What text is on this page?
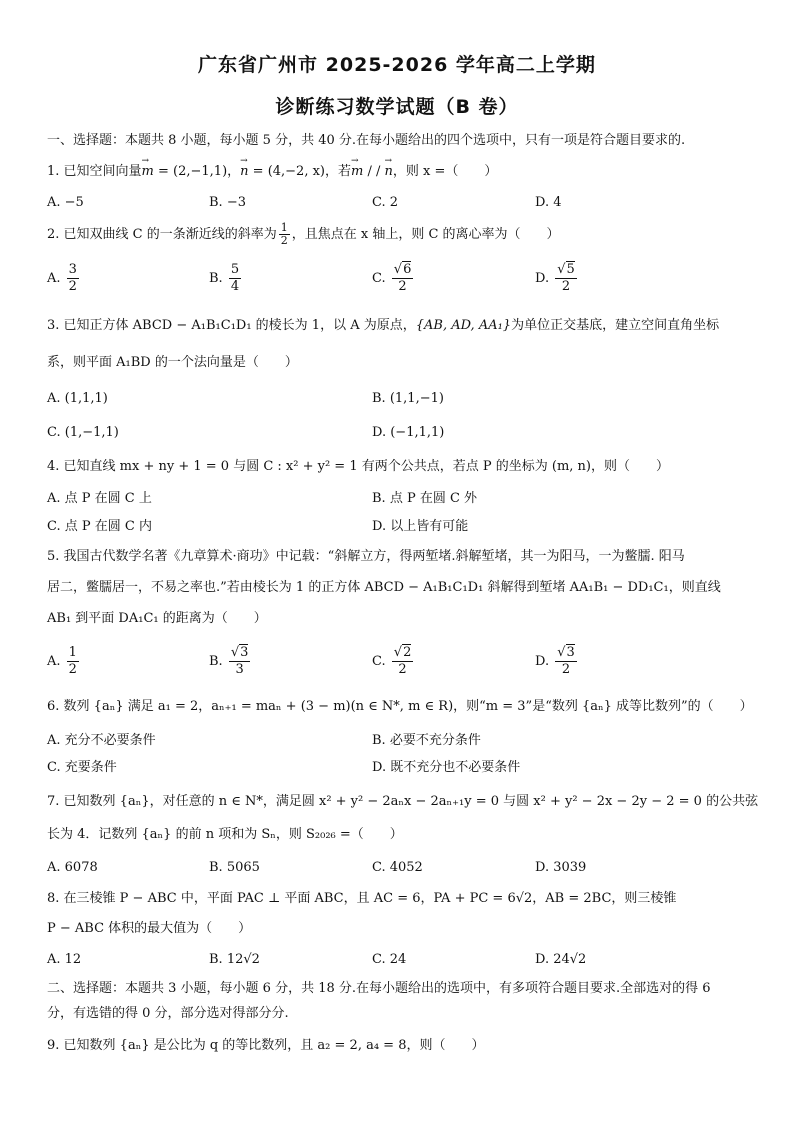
广东省广州市 2025-2026 学年高二上学期
诊断练习数学试题（B 卷）
一、选择题：本题共 8 小题，每小题 5 分，共 40 分.在每小题给出的四个选项中，只有一项是符合题目要求的.
1. 已知空间向量→ m = (2,−1,1)，→ n = (4,−2, x)，若→ m / / → n，则 x =（　　）
A. −5	B. −3	C. 2	D. 4
2. 已知双曲线 C 的一条渐近线的斜率为 $\frac{1}{2}$ ，且焦点在 x 轴上，则 C 的离心率为（　　）
A. $\frac{3}{2}$	B. $\frac{5}{4}$	C. $\frac{√6}{2}$	D. $\frac{√5}{2}$
3. 已知正方体 ABCD − A₁B₁C₁D₁ 的棱长为 1，以 A 为原点，{AB, AD, AA₁}为单位正交基底，建立空间直角坐标
系，则平面 A₁BD 的一个法向量是（　　）
A. (1,1,1)	B. (1,1,−1)
C. (1,−1,1)	D. (−1,1,1)
4. 已知直线 mx + ny + 1 = 0 与圆 C : x² + y² = 1 有两个公共点，若点 P 的坐标为 (m, n)，则（　　）
A. 点 P 在圆 C 上	B. 点 P 在圆 C 外
C. 点 P 在圆 C 内	D. 以上皆有可能
5. 我国古代数学名著《九章算术·商功》中记载：“斜解立方，得两堑堵.斜解堑堵，其一为阳马，一为鳖臑. 阳马
居二，鳖臑居一，不易之率也.”若由棱长为 1 的正方体 ABCD − A₁B₁C₁D₁ 斜解得到堑堵 AA₁B₁ − DD₁C₁，则直线
AB₁ 到平面 DA₁C₁ 的距离为（　　）
A. $\frac{1}{2}$	B. $\frac{√3}{3}$	C. $\frac{√2}{2}$	D. $\frac{√3}{2}$
6. 数列 {aₙ} 满足 a₁ = 2，aₙ₊₁ = maₙ + (3 − m)(n ∈ N*, m ∈ R)，则“m = 3”是“数列 {aₙ} 成等比数列”的（　　）
A. 充分不必要条件	B. 必要不充分条件
C. 充要条件	D. 既不充分也不必要条件
7. 已知数列 {aₙ}，对任意的 n ∈ N*，满足圆 x² + y² − 2aₙx − 2aₙ₊₁y = 0 与圆 x² + y² − 2x − 2y − 2 = 0 的公共弦
长为 4．记数列 {aₙ} 的前 n 项和为 Sₙ，则 S₂₀₂₆ =（　　）
A. 6078	B. 5065	C. 4052	D. 3039
8. 在三棱锥 P − ABC 中，平面 PAC ⊥ 平面 ABC，且 AC = 6，PA + PC = 6√2，AB = 2BC，则三棱锥
P − ABC 体积的最大值为（　　）
A. 12	B. 12√2	C. 24	D. 24√2
二、选择题：本题共 3 小题，每小题 6 分，共 18 分.在每小题给出的选项中，有多项符合题目要求.全部选对的得 6
分，有选错的得 0 分，部分选对得部分分.
9. 已知数列 {aₙ} 是公比为 q 的等比数列，且 a₂ = 2, a₄ = 8，则（　　）
